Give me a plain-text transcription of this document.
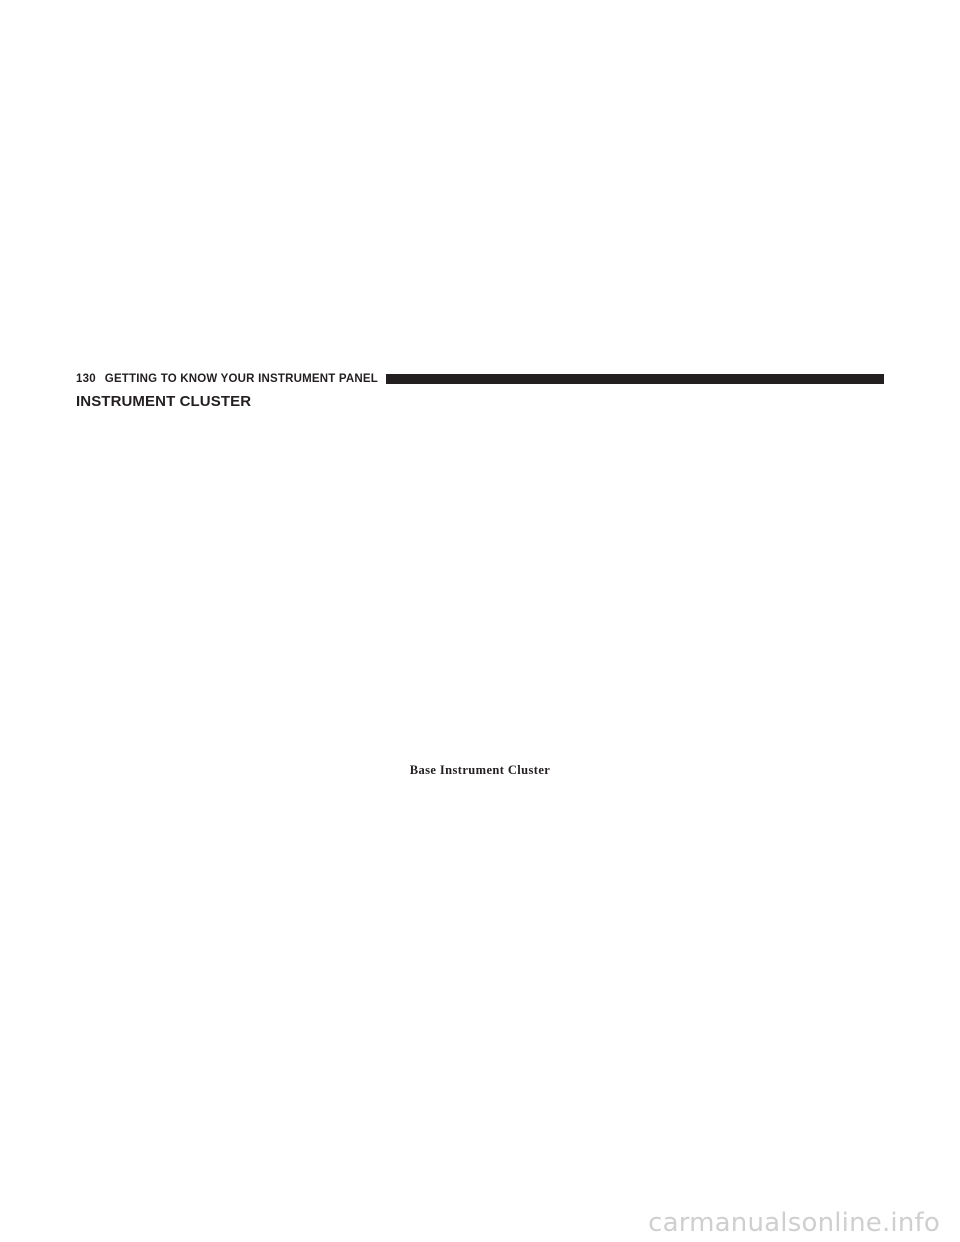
130 GETTING TO KNOW YOUR INSTRUMENT PANEL
INSTRUMENT CLUSTER

Base Instrument Cluster

carmanualsonline.info
